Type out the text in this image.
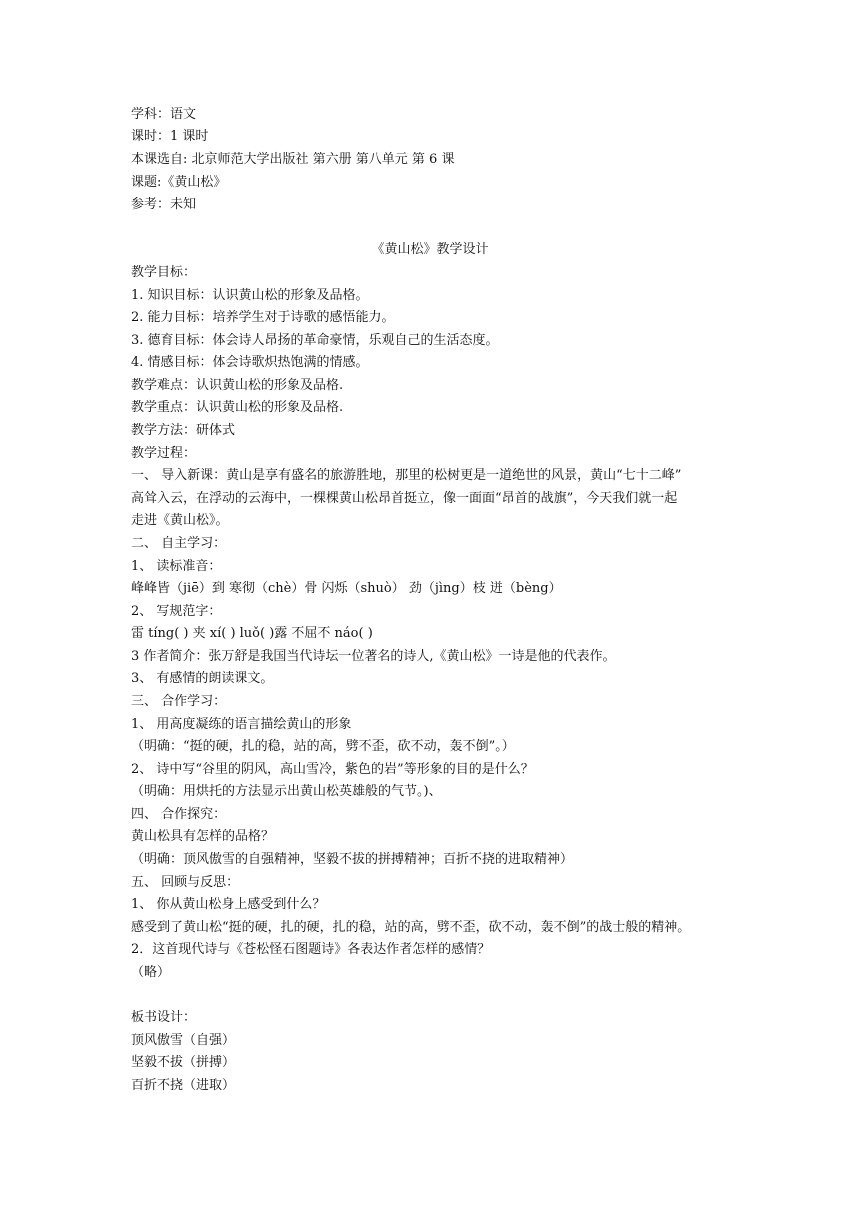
学科：语文
课时：1 课时
本课选自: 北京师范大学出版社 第六册 第八单元 第 6 课
课题:《黄山松》
参考：未知
《黄山松》教学设计
教学目标：
1. 知识目标：认识黄山松的形象及品格。
2. 能力目标：培养学生对于诗歌的感悟能力。
3. 德育目标：体会诗人昂扬的革命豪情，乐观自己的生活态度。
4. 情感目标：体会诗歌炽热饱满的情感。
教学难点：认识黄山松的形象及品格.
教学重点：认识黄山松的形象及品格.
教学方法：研体式
教学过程：
一、 导入新课：黄山是享有盛名的旅游胜地，那里的松树更是一道绝世的风景，黄山“七十二峰”
高耸入云，在浮动的云海中，一棵棵黄山松昂首挺立，像一面面“昂首的战旗”，今天我们就一起
走进《黄山松》。
二、 自主学习：
1、 读标准音：
峰峰皆（jiē）到 寒彻（chè）骨 闪烁（shuò） 劲（jìng）枝 迸（bèng）
2、 写规范字：
雷 tíng( ) 夹 xí( ) luǒ( )露 不屈不 náo( )
3 作者简介：张万舒是我国当代诗坛一位著名的诗人,《黄山松》一诗是他的代表作。
3、 有感情的朗读课文。
三、 合作学习：
1、 用高度凝练的语言描绘黄山的形象
（明确：“挺的硬，扎的稳，站的高，劈不歪，砍不动，轰不倒”。）
2、 诗中写“谷里的阴风，高山雪冷，紫色的岩”等形象的目的是什么？
（明确：用烘托的方法显示出黄山松英雄般的气节。)、
四、 合作探究：
黄山松具有怎样的品格？
（明确：顶风傲雪的自强精神，坚毅不拔的拼搏精神；百折不挠的进取精神）
五、 回顾与反思：
1、 你从黄山松身上感受到什么？
感受到了黄山松“挺的硬，扎的硬，扎的稳，站的高，劈不歪，砍不动，轰不倒”的战士般的精神。
2．这首现代诗与《苍松怪石图题诗》各表达作者怎样的感情？
（略）
板书设计：
顶风傲雪（自强）
坚毅不拔（拼搏）
百折不挠（进取）
